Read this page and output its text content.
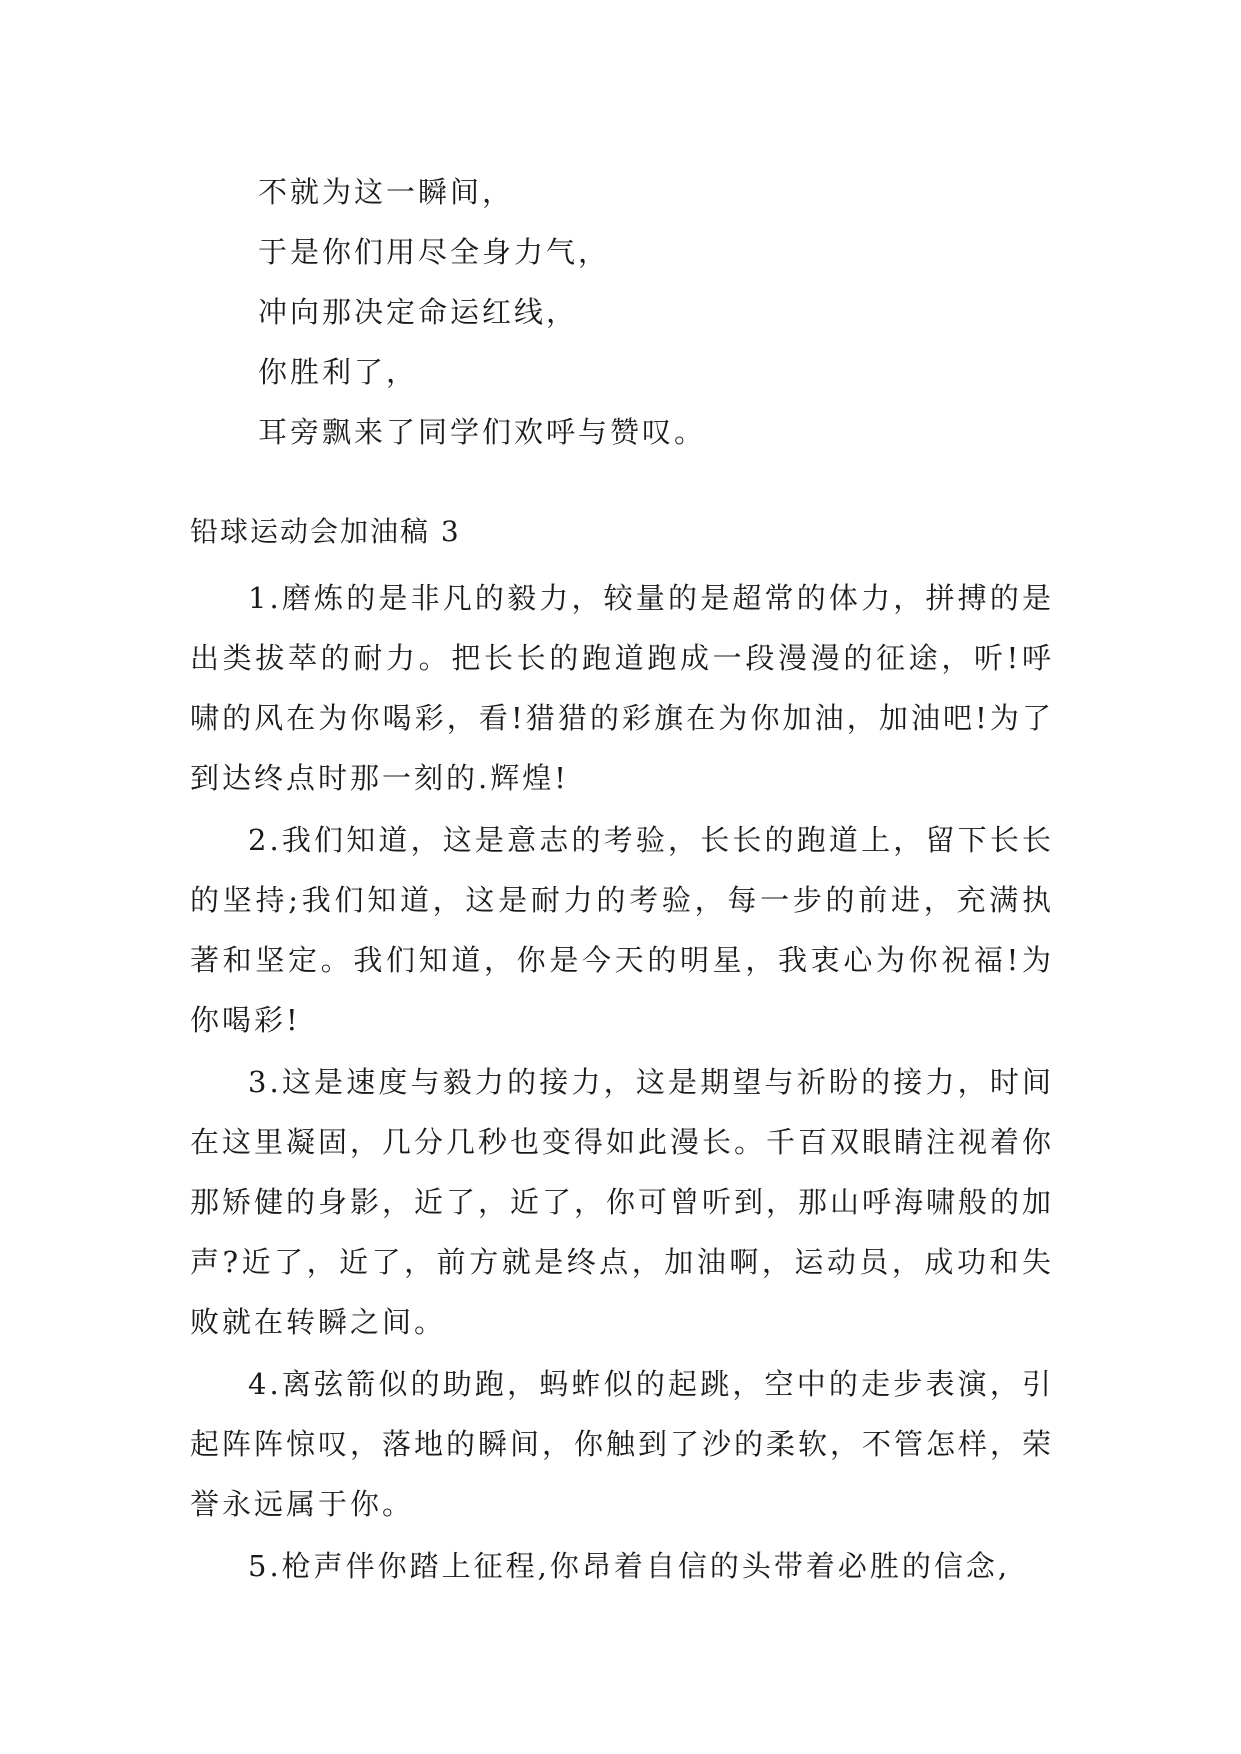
不就为这一瞬间，
于是你们用尽全身力气，
冲向那决定命运红线，
你胜利了，
耳旁飘来了同学们欢呼与赞叹。
铅球运动会加油稿 3

1.磨炼的是非凡的毅力，较量的是超常的体力，拼搏的是出类拔萃的耐力。把长长的跑道跑成一段漫漫的征途，听!呼啸的风在为你喝彩，看!猎猎的彩旗在为你加油，加油吧!为了到达终点时那一刻的.辉煌!

2.我们知道，这是意志的考验，长长的跑道上，留下长长的坚持;我们知道，这是耐力的考验，每一步的前进，充满执著和坚定。我们知道，你是今天的明星，我衷心为你祝福!为你喝彩!

3.这是速度与毅力的接力，这是期望与祈盼的接力，时间在这里凝固，几分几秒也变得如此漫长。千百双眼睛注视着你那矫健的身影，近了，近了，你可曾听到，那山呼海啸般的加声?近了，近了，前方就是终点，加油啊，运动员，成功和失败就在转瞬之间。

4.离弦箭似的助跑，蚂蚱似的起跳，空中的走步表演，引起阵阵惊叹，落地的瞬间，你触到了沙的柔软，不管怎样，荣誉永远属于你。

5.枪声伴你踏上征程,你昂着自信的头带着必胜的信念,
